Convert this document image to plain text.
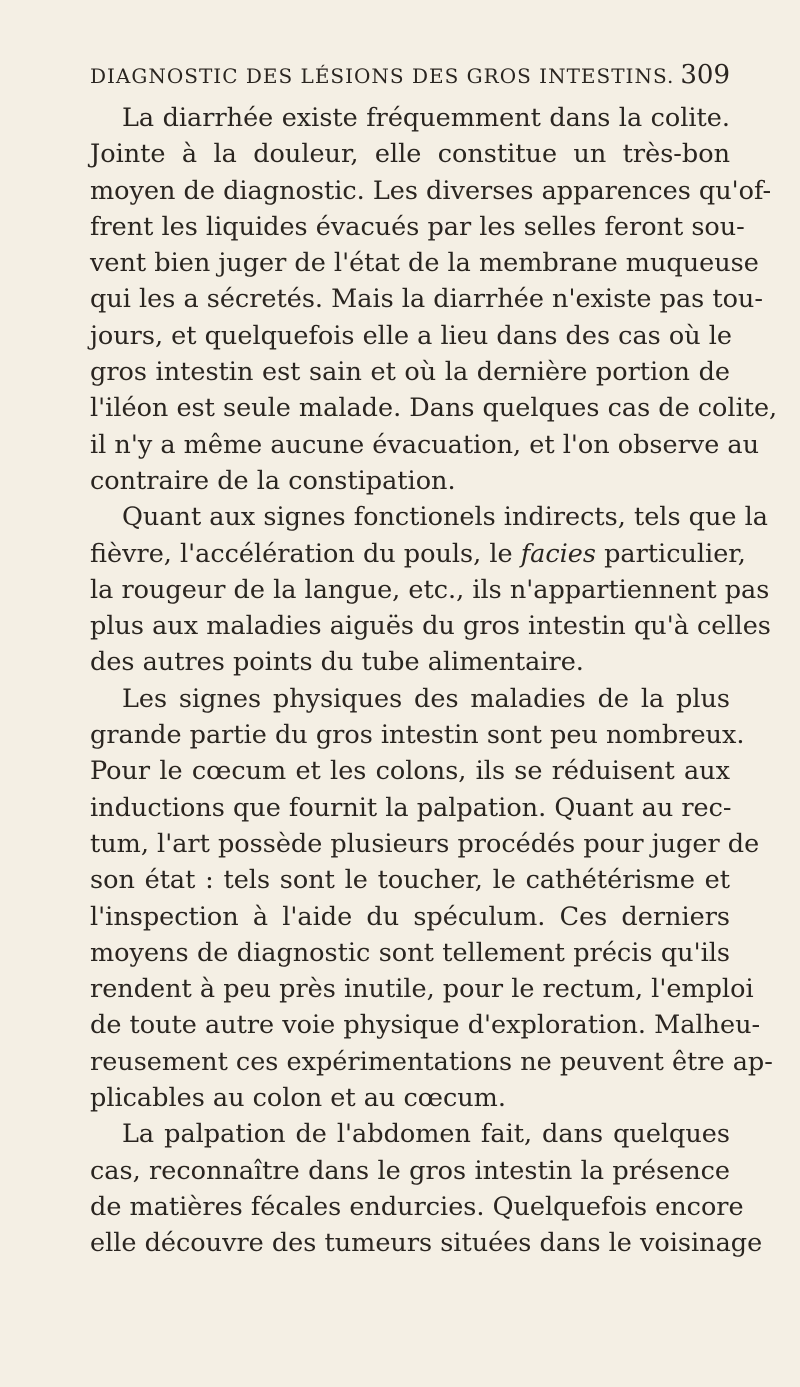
DIAGNOSTIC DES LÉSIONS DES GROS INTESTINS. 309
La diarrhée existe fréquemment dans la colite.
Jointe à la douleur, elle constitue un très-bon
moyen de diagnostic. Les diverses apparences qu'of-
frent les liquides évacués par les selles feront sou-
vent bien juger de l'état de la membrane muqueuse
qui les a sécretés. Mais la diarrhée n'existe pas tou-
jours, et quelquefois elle a lieu dans des cas où le
gros intestin est sain et où la dernière portion de
l'iléon est seule malade. Dans quelques cas de colite,
il n'y a même aucune évacuation, et l'on observe au
contraire de la constipation.
Quant aux signes fonctionels indirects, tels que la
fièvre, l'accélération du pouls, le facies particulier,
la rougeur de la langue, etc., ils n'appartiennent pas
plus aux maladies aiguës du gros intestin qu'à celles
des autres points du tube alimentaire.
Les signes physiques des maladies de la plus
grande partie du gros intestin sont peu nombreux.
Pour le cœcum et les colons, ils se réduisent aux
inductions que fournit la palpation. Quant au rec-
tum, l'art possède plusieurs procédés pour juger de
son état : tels sont le toucher, le cathétérisme et
l'inspection à l'aide du spéculum. Ces derniers
moyens de diagnostic sont tellement précis qu'ils
rendent à peu près inutile, pour le rectum, l'emploi
de toute autre voie physique d'exploration. Malheu-
reusement ces expérimentations ne peuvent être ap-
plicables au colon et au cœcum.
La palpation de l'abdomen fait, dans quelques
cas, reconnaître dans le gros intestin la présence
de matières fécales endurcies. Quelquefois encore
elle découvre des tumeurs situées dans le voisinage
